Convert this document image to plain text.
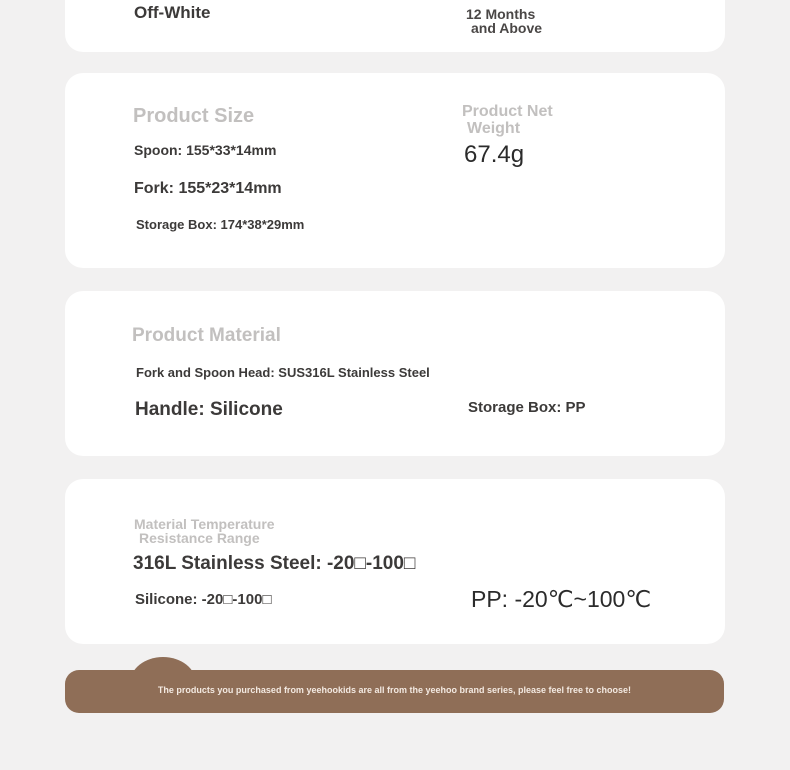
Off-White	12 Months
and Above
Product Size
Spoon: 155*33*14mm
Fork: 155*23*14mm
Storage Box: 174*38*29mm
Product Net
Weight
67.4g
Product Material
Fork and Spoon Head: SUS316L Stainless Steel
Handle: Silicone	Storage Box: PP
Material Temperature
Resistance Range
316L Stainless Steel: -20□-100□
Silicone: -20□-100□	PP: -20℃~100℃
The products you purchased from yeehookids are all from the yeehoo brand series, please feel free to choose!
